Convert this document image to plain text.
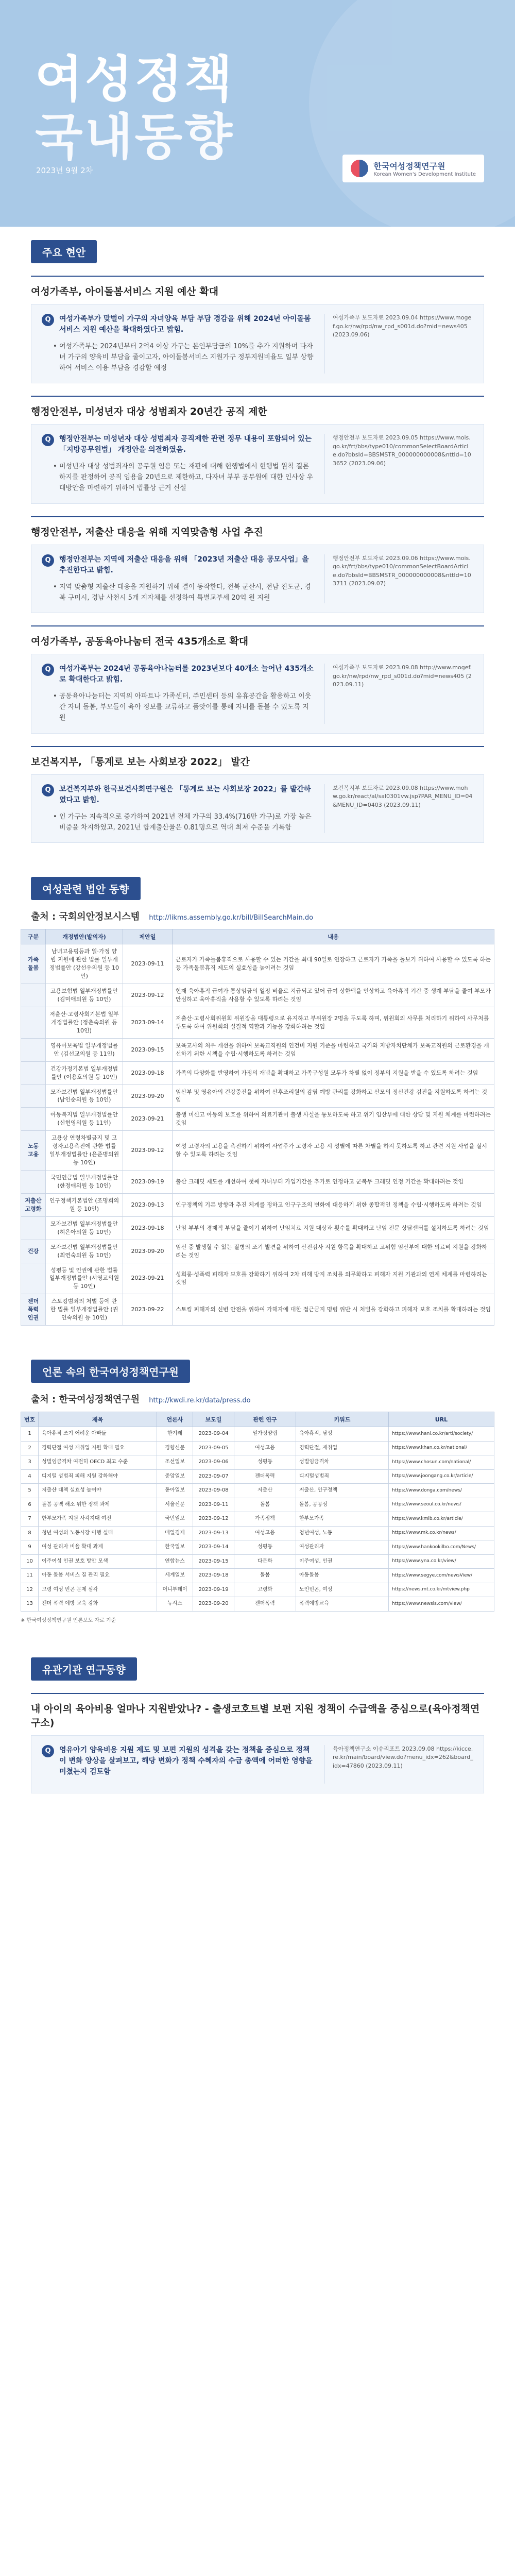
여성정책
국내동향
2023년 9월 2차	한국여성정책연구원
Korean Women's Development Institute
주요 현안
여성가족부, 아이돌봄서비스 지원 예산 확대
Q	여성가족부가 맞벌이 가구의 자녀양육 부담 부담 경감을 위해 2024년 아이돌봄서비스 지원 예산을 확대하였다고 밝힘.
• 여성가족부는 2024년부터 2억4 이상 가구는 본인부담금의 10%를 추가 지원하며 다자녀 가구의 양육비 부담을 줄이고자, 아이돌봄서비스 지원가구 정부지원비율도 일부 상향하여 서비스 이용 부담을 경감할 예정
여성가족부 보도자료 2023.09.04 https://www.mogef.go.kr/nw/rpd/nw_rpd_s001d.do?mid=news405 (2023.09.06)
행정안전부, 미성년자 대상 성범죄자 20년간 공직 제한
Q	행정안전부는 미성년자 대상 성범죄자 공직제한 관련 정무 내용이 포함되어 있는 「지방공무원법」 개정안을 의결하였음.
• 미성년자 대상 성범죄자의 공무원 임용 또는 재판에 대해 현행법에서 현행법 원칙 결론 하지를 판정하여 공직 임용을 20년으로 제한하고, 다자녀 부부 공무원에 대한 인사상 우대방안을 마련하기 위하여 법률상 근거 신설
행정안전부 보도자료 2023.09.05 https://www.mois.go.kr/frt/bbs/type010/commonSelectBoardArticle.do?bbsId=BBSMSTR_000000000008&nttId=103652 (2023.09.06)
행정안전부, 저출산 대응을 위해 지역맞춤형 사업 추진
Q	행정안전부는 지역에 저출산 대응을 위해 「2023년 저출산 대응 공모사업」을 추진한다고 밝힘.
• 지역 맞춤형 저출산 대응을 지원하기 위해 결이 동작한다, 전북 군산시, 전남 진도군, 경북 구미시, 경남 사천시 5개 지자체를 선정하여 특별교부세 20억 원 지원
행정안전부 보도자료 2023.09.06 https://www.mois.go.kr/frt/bbs/type010/commonSelectBoardArticle.do?bbsId=BBSMSTR_000000000008&nttId=103711 (2023.09.07)
여성가족부, 공동육아나눔터 전국 435개소로 확대
Q	여성가족부는 2024년 공동육아나눔터를 2023년보다 40개소 늘어난 435개소로 확대한다고 밝힘.
• 공동육아나눔터는 지역의 아파트나 가족센터, 주민센터 등의 유휴공간을 활용하고 이웃 간 자녀 돌봄, 부모들이 육아 정보를 교류하고 품앗이를 통해 자녀를 돌볼 수 있도록 지원
여성가족부 보도자료 2023.09.08 http://www.mogef.go.kr/nw/rpd/nw_rpd_s001d.do?mid=news405 (2023.09.11)
보건복지부, 「통계로 보는 사회보장 2022」 발간
Q	보건복지부와 한국보건사회연구원은 「통계로 보는 사회보장 2022」를 발간하였다고 밝힘.
• 인 가구는 지속적으로 증가하여 2021년 전체 가구의 33.4%(716만 가구)로 가장 높은 비중을 차지하였고, 2021년 합계출산율은 0.81명으로 역대 최저 수준을 기록함
보건복지부 보도자료 2023.09.08 https://www.mohw.go.kr/react/al/sal0301vw.jsp?PAR_MENU_ID=04&MENU_ID=0403 (2023.09.11)
여성관련 법안 동향
출처 : 국회의안정보시스템 http://likms.assembly.go.kr/bill/BillSearchMain.do
구분	개정법안(발의자)	제안일	내용
가족 돌봄	남녀고용평등과 일·가정 양립 지원에 관한 법률 일부개정법률안 (강선우의원 등 10인)	2023-09-11	근로자가 가족돌봄휴직으로 사용할 수 있는 기간을 최대 90일로 연장하고 근로자가 가족을 돌보기 위하여 사용할 수 있도록 하는 등 가족돌봄휴직 제도의 실효성을 높이려는 것임
	고용보험법 일부개정법률안 (김미애의원 등 10인)	2023-09-12	현재 육아휴직 급여가 통상임금의 일정 비율로 지급되고 있어 급여 상한액을 인상하고 육아휴직 기간 중 생계 부담을 줄여 부모가 안심하고 육아휴직을 사용할 수 있도록 하려는 것임
	저출산·고령사회기본법 일부개정법률안 (정춘숙의원 등 10인)	2023-09-14	저출산·고령사회위원회 위원장을 대통령으로 유지하고 부위원장 2명을 두도록 하며, 위원회의 사무를 처리하기 위하여 사무처를 두도록 하여 위원회의 실질적 역할과 기능을 강화하려는 것임
	영유아보육법 일부개정법률안 (김선교의원 등 11인)	2023-09-15	보육교사의 처우 개선을 위하여 보육교직원의 인건비 지원 기준을 마련하고 국가와 지방자치단체가 보육교직원의 근로환경을 개선하기 위한 시책을 수립·시행하도록 하려는 것임
	건강가정기본법 일부개정법률안 (이용호의원 등 10인)	2023-09-18	가족의 다양화를 반영하여 가정의 개념을 확대하고 가족구성원 모두가 차별 없이 정부의 지원을 받을 수 있도록 하려는 것임
	모자보건법 일부개정법률안 (남인순의원 등 10인)	2023-09-20	임산부 및 영유아의 건강증진을 위하여 산후조리원의 감염 예방 관리를 강화하고 산모의 정신건강 검진을 지원하도록 하려는 것임
	아동복지법 일부개정법률안 (신현영의원 등 11인)	2023-09-21	출생 미신고 아동의 보호를 위하여 의료기관이 출생 사실을 통보하도록 하고 위기 임산부에 대한 상담 및 지원 체계를 마련하려는 것임
노동 고용	고용상 연령차별금지 및 고령자고용촉진에 관한 법률 일부개정법률안 (윤준병의원 등 10인)	2023-09-12	여성 고령자의 고용을 촉진하기 위하여 사업주가 고령자 고용 시 성별에 따른 차별을 하지 못하도록 하고 관련 지원 사업을 실시할 수 있도록 하려는 것임
	국민연금법 일부개정법률안 (한정애의원 등 10인)	2023-09-19	출산 크레딧 제도를 개선하여 첫째 자녀부터 가입기간을 추가로 인정하고 군복무 크레딧 인정 기간을 확대하려는 것임
저출산 고령화	인구정책기본법안 (조명희의원 등 10인)	2023-09-13	인구정책의 기본 방향과 추진 체계를 정하고 인구구조의 변화에 대응하기 위한 종합적인 정책을 수립·시행하도록 하려는 것임
	모자보건법 일부개정법률안 (허은아의원 등 10인)	2023-09-18	난임 부부의 경제적 부담을 줄이기 위하여 난임치료 지원 대상과 횟수를 확대하고 난임 전문 상담센터를 설치하도록 하려는 것임
건강	모자보건법 일부개정법률안 (최연숙의원 등 10인)	2023-09-20	임신 중 발생할 수 있는 질병의 조기 발견을 위하여 산전검사 지원 항목을 확대하고 고위험 임산부에 대한 의료비 지원을 강화하려는 것임
	성평등 및 인권에 관한 법률 일부개정법률안 (서영교의원 등 10인)	2023-09-21	성희롱·성폭력 피해자 보호를 강화하기 위하여 2차 피해 방지 조치를 의무화하고 피해자 지원 기관과의 연계 체계를 마련하려는 것임
젠더 폭력 인권	스토킹범죄의 처벌 등에 관한 법률 일부개정법률안 (권인숙의원 등 10인)	2023-09-22	스토킹 피해자의 신변 안전을 위하여 가해자에 대한 접근금지 명령 위반 시 처벌을 강화하고 피해자 보호 조치를 확대하려는 것임
언론 속의 한국여성정책연구원
출처 : 한국여성정책연구원 http://kwdi.re.kr/data/press.do
번호	제목	언론사	보도일	관련 연구	키워드	URL
1	육아휴직 쓰기 어려운 아빠들	한겨레	2023-09-04	일가정양립	육아휴직, 남성	https://www.hani.co.kr/arti/society/
2	경력단절 여성 재취업 지원 확대 필요	경향신문	2023-09-05	여성고용	경력단절, 재취업	https://www.khan.co.kr/national/
3	성별임금격차 여전히 OECD 최고 수준	조선일보	2023-09-06	성평등	성별임금격차	https://www.chosun.com/national/
4	디지털 성범죄 피해 지원 강화해야	중앙일보	2023-09-07	젠더폭력	디지털성범죄	https://www.joongang.co.kr/article/
5	저출산 대책 실효성 높여야	동아일보	2023-09-08	저출산	저출산, 인구정책	https://www.donga.com/news/
6	돌봄 공백 해소 위한 정책 과제	서울신문	2023-09-11	돌봄	돌봄, 공공성	https://www.seoul.co.kr/news/
7	한부모가족 지원 사각지대 여전	국민일보	2023-09-12	가족정책	한부모가족	https://www.kmib.co.kr/article/
8	청년 여성의 노동시장 이행 실태	매일경제	2023-09-13	여성고용	청년여성, 노동	https://www.mk.co.kr/news/
9	여성 관리자 비율 확대 과제	한국일보	2023-09-14	성평등	여성관리자	https://www.hankookilbo.com/News/
10	이주여성 인권 보호 방안 모색	연합뉴스	2023-09-15	다문화	이주여성, 인권	https://www.yna.co.kr/view/
11	아동 돌봄 서비스 질 관리 필요	세계일보	2023-09-18	돌봄	아동돌봄	https://www.segye.com/newsView/
12	고령 여성 빈곤 문제 심각	머니투데이	2023-09-19	고령화	노인빈곤, 여성	https://news.mt.co.kr/mtview.php
13	젠더 폭력 예방 교육 강화	뉴시스	2023-09-20	젠더폭력	폭력예방교육	https://www.newsis.com/view/
※ 한국여성정책연구원 언론보도 자료 기준
유관기관 연구동향
내 아이의 육아비용 얼마나 지원받았나? - 출생코호트별 보편 지원 정책이 수급액을 중심으로(육아정책연구소)
Q	영유아기 양육비용 지원 제도 및 보편 지원의 성격을 갖는 정책을 중심으로 정책이 변화 양상을 살펴보고, 해당 변화가 정책 수혜자의 수급 총액에 어떠한 영향을 미쳤는지 검토함
육아정책연구소 이슈리포트 2023.09.08 https://kicce.re.kr/main/board/view.do?menu_idx=262&board_idx=47860 (2023.09.11)
